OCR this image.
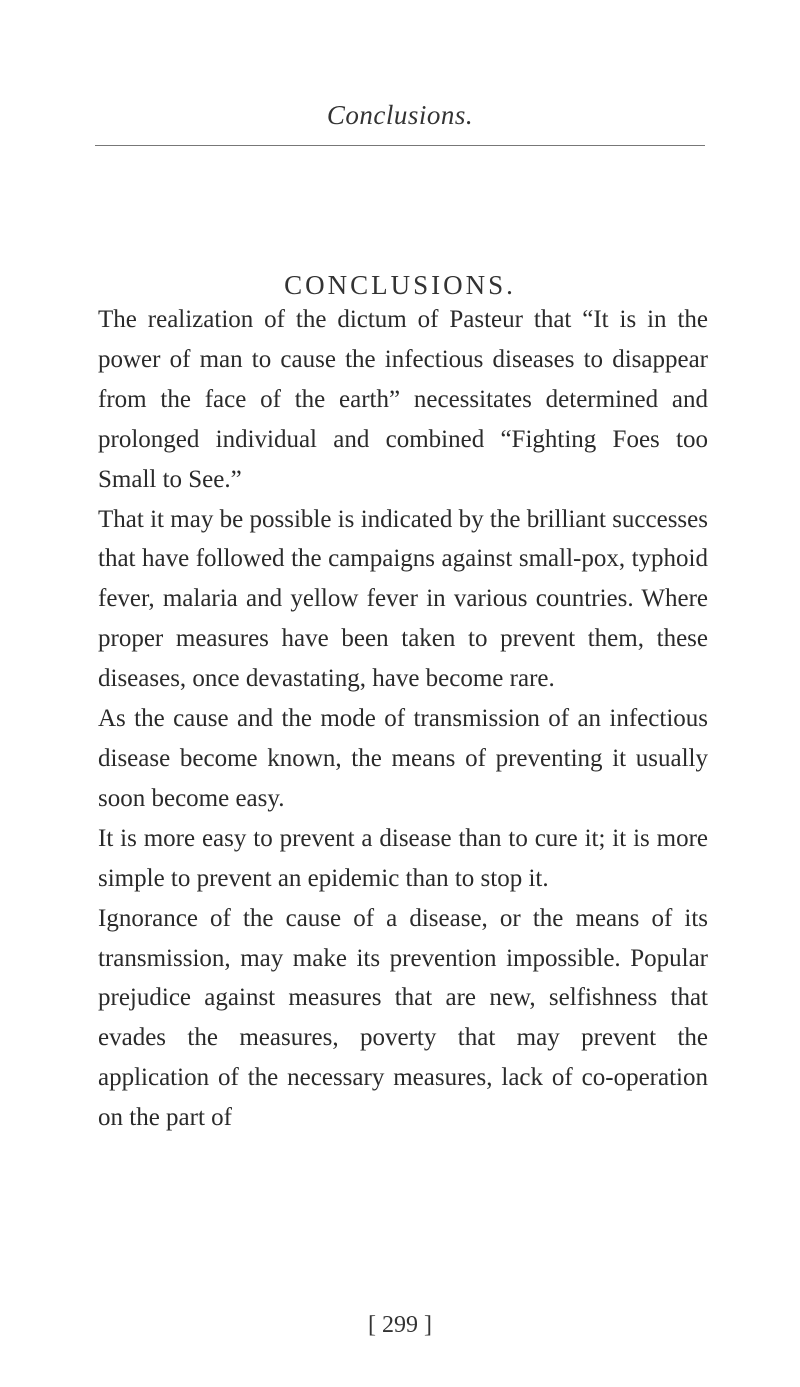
Conclusions.
CONCLUSIONS.

The realization of the dictum of Pasteur that “It is in the power of man to cause the infectious diseases to disappear from the face of the earth” necessitates determined and prolonged individual and combined “Fighting Foes too Small to See.”

That it may be possible is indicated by the brilliant successes that have followed the campaigns against small-pox, typhoid fever, malaria and yellow fever in various countries. Where proper measures have been taken to prevent them, these diseases, once devastating, have become rare.

As the cause and the mode of transmission of an infectious disease become known, the means of preventing it usually soon become easy.

It is more easy to prevent a disease than to cure it; it is more simple to prevent an epidemic than to stop it.

Ignorance of the cause of a disease, or the means of its transmission, may make its prevention impossible. Popular prejudice against measures that are new, selfishness that evades the measures, poverty that may prevent the application of the necessary measures, lack of co-operation on the part of

[ 299 ]
